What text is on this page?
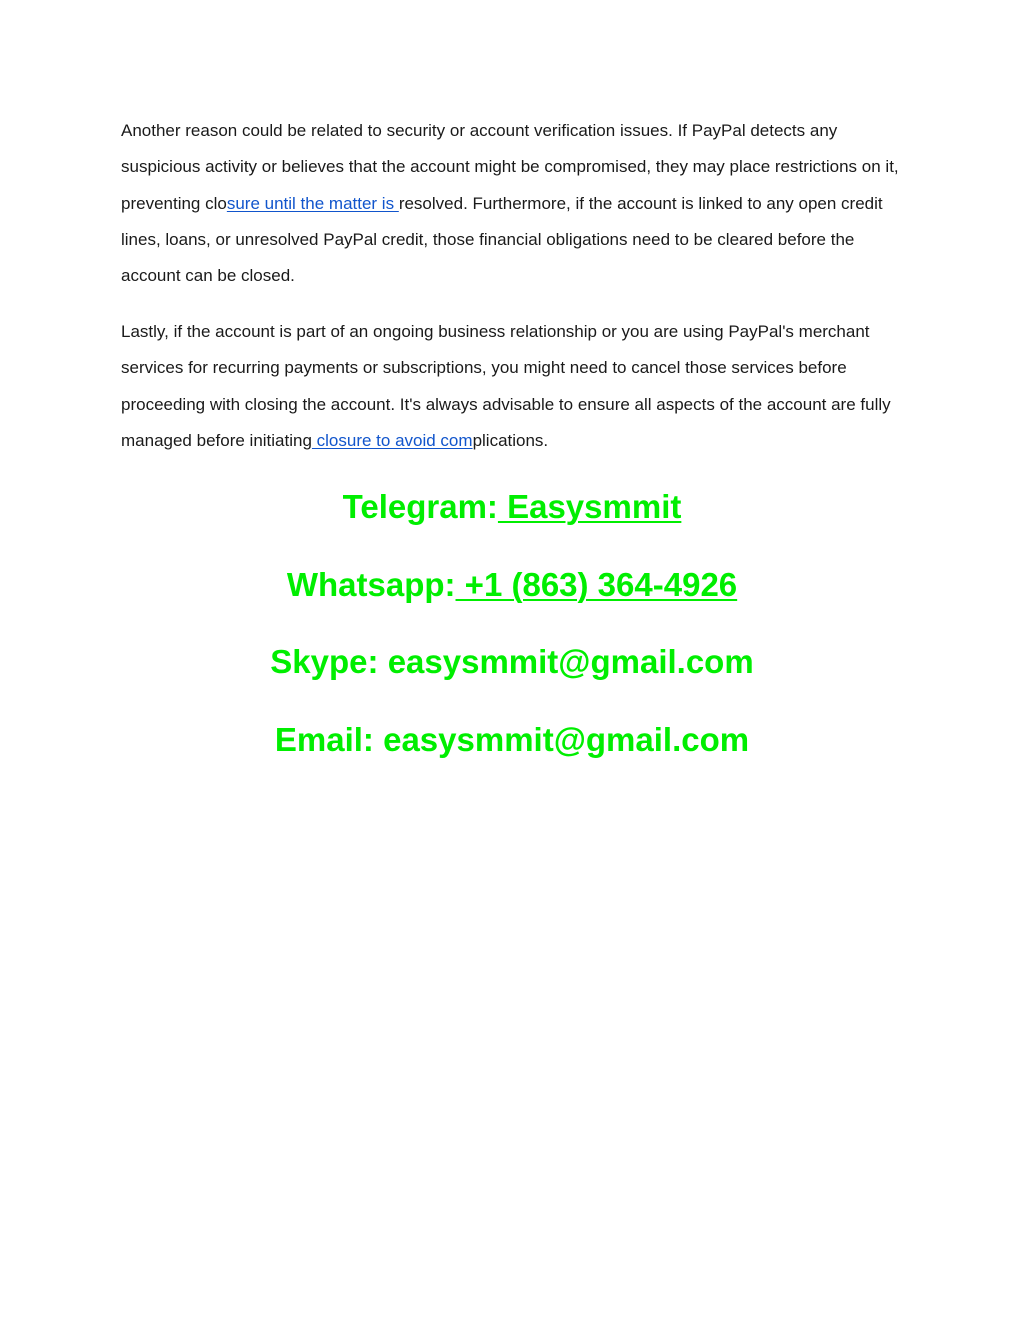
Another reason could be related to security or account verification issues. If PayPal detects any suspicious activity or believes that the account might be compromised, they may place restrictions on it, preventing closure until the matter is resolved. Furthermore, if the account is linked to any open credit lines, loans, or unresolved PayPal credit, those financial obligations need to be cleared before the account can be closed.

Lastly, if the account is part of an ongoing business relationship or you are using PayPal's merchant services for recurring payments or subscriptions, you might need to cancel those services before proceeding with closing the account. It's always advisable to ensure all aspects of the account are fully managed before initiating closure to avoid complications.

Telegram: Easysmmit

Whatsapp: +1 (863) 364-4926

Skype: easysmmit@gmail.com

Email: easysmmit@gmail.com
